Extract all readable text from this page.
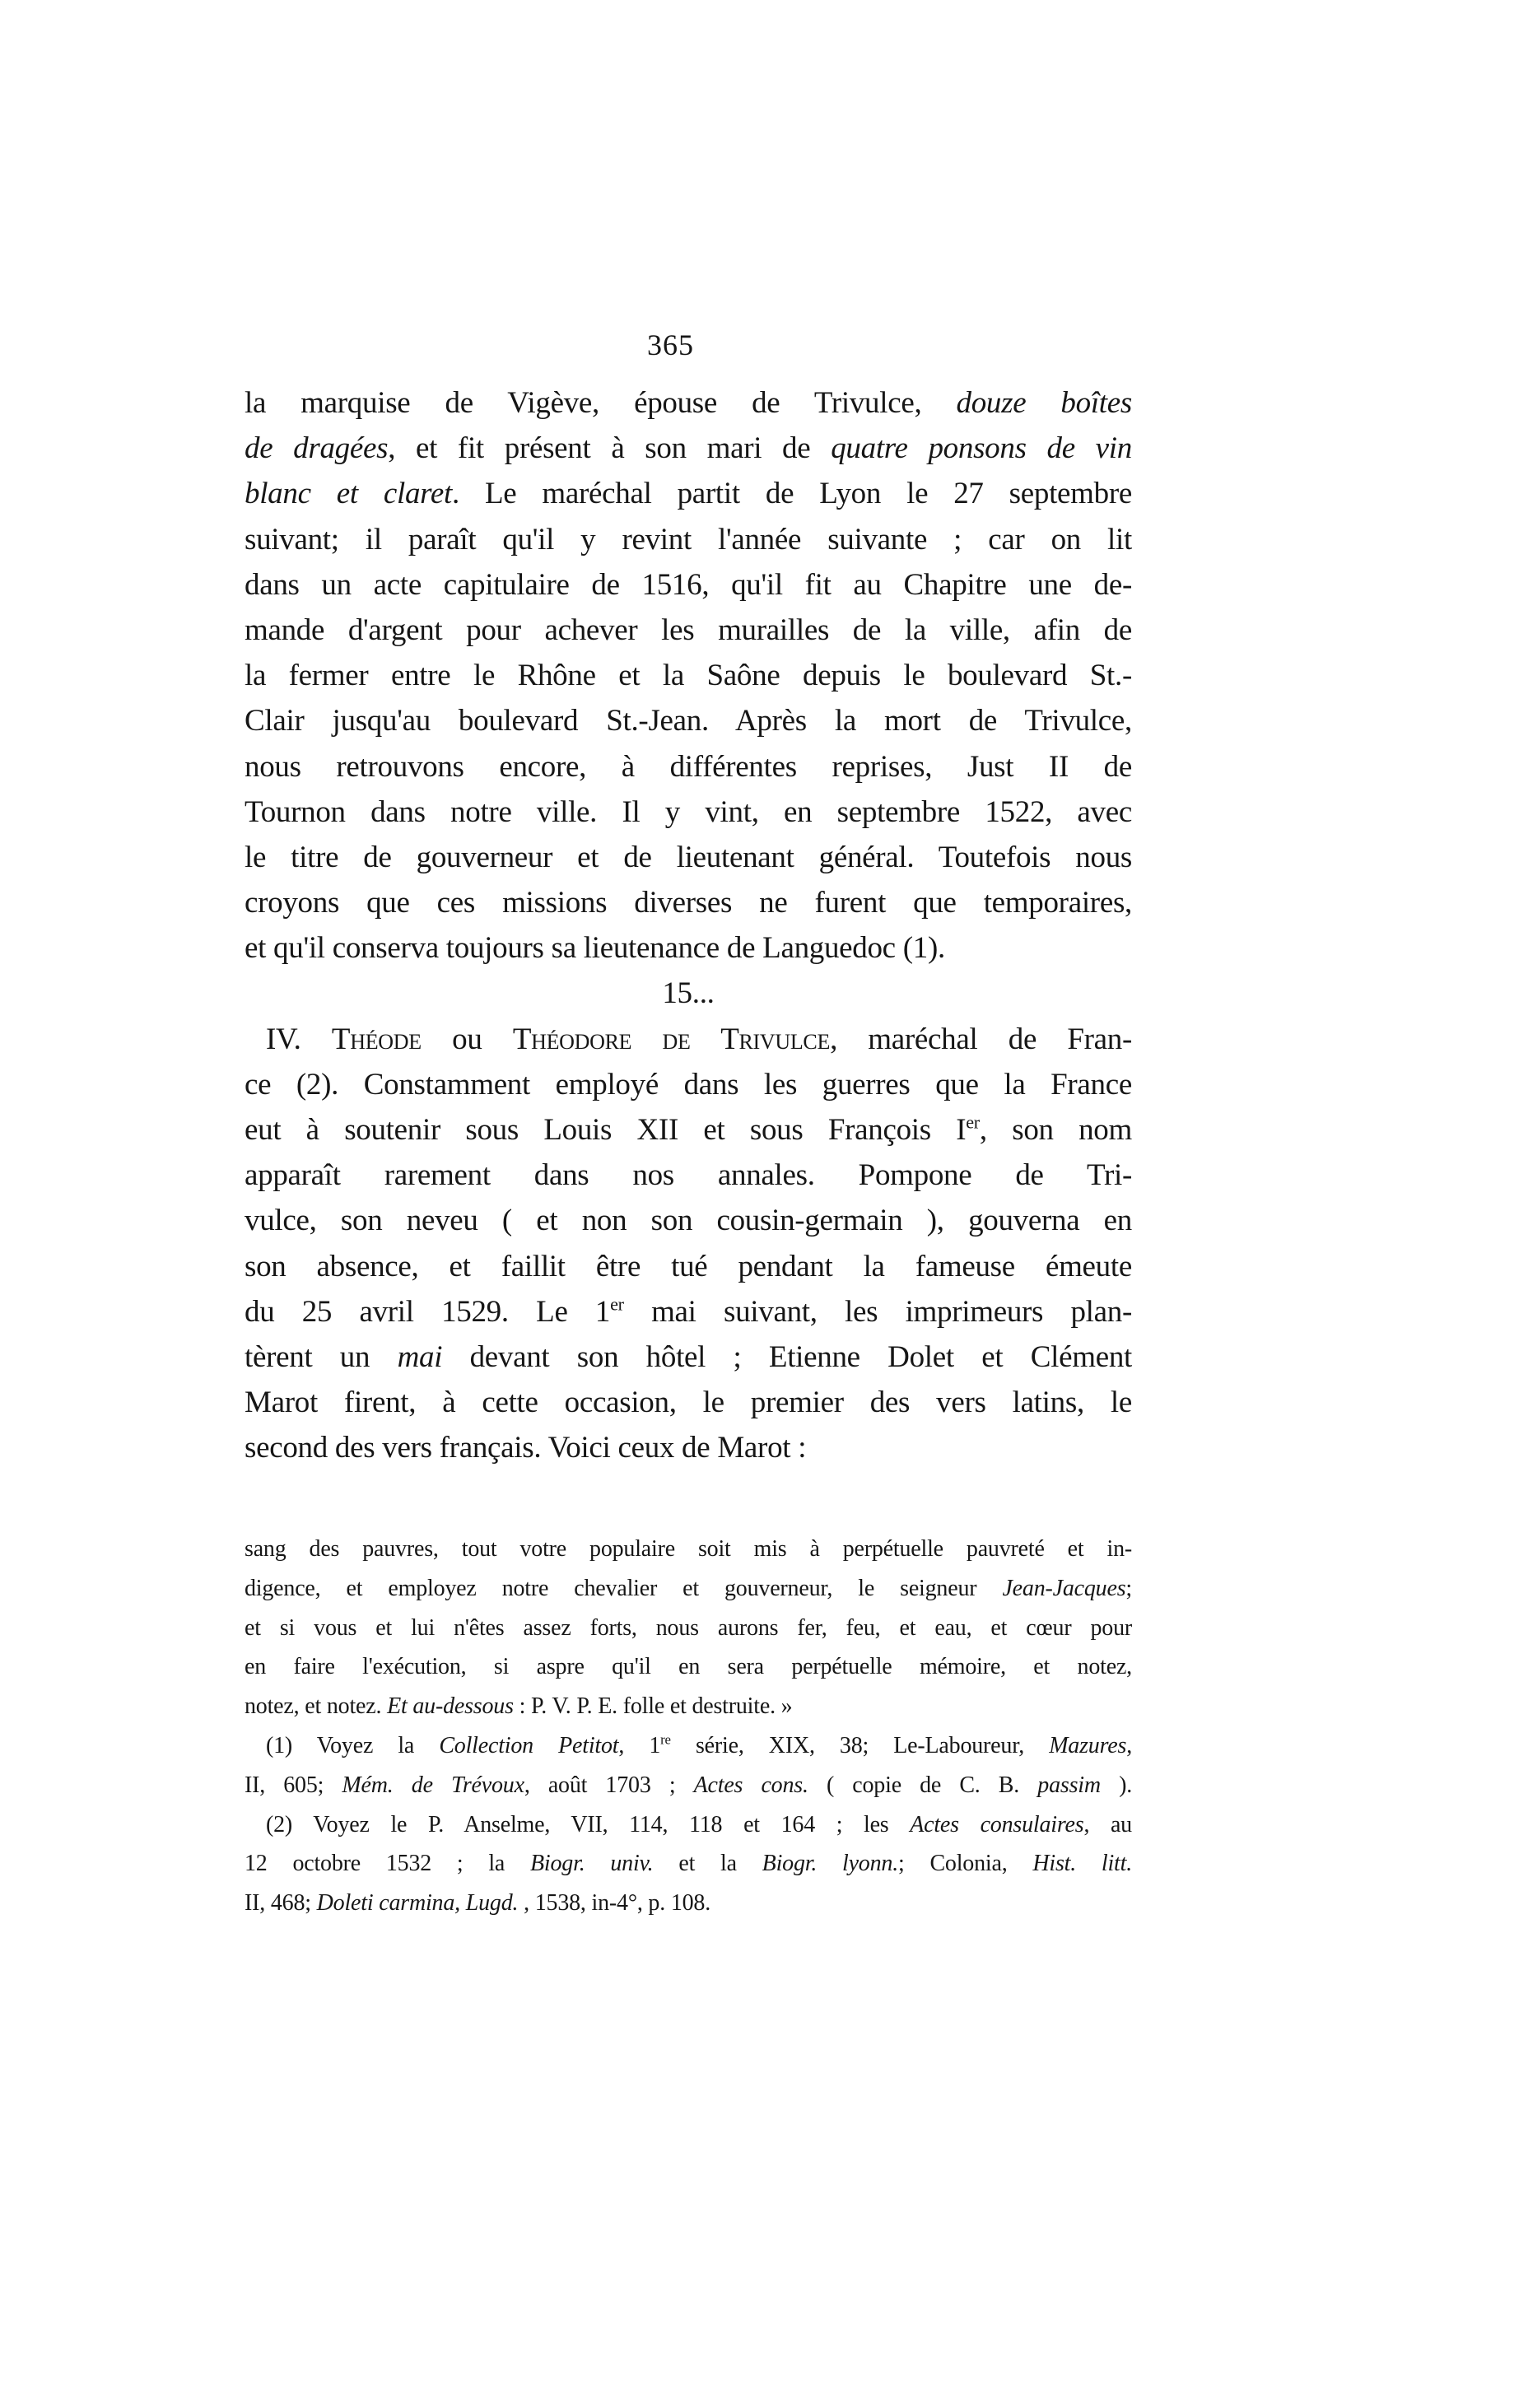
365
la marquise de Vigève, épouse de Trivulce, douze boîtes
de dragées, et fit présent à son mari de quatre ponsons de vin
blanc et claret. Le maréchal partit de Lyon le 27 septembre
suivant; il paraît qu'il y revint l'année suivante ; car on lit
dans un acte capitulaire de 1516, qu'il fit au Chapitre une de-
mande d'argent pour achever les murailles de la ville, afin de
la fermer entre le Rhône et la Saône depuis le boulevard St.-
Clair jusqu'au boulevard St.-Jean. Après la mort de Trivulce,
nous retrouvons encore, à différentes reprises, Just II de
Tournon dans notre ville. Il y vint, en septembre 1522, avec
le titre de gouverneur et de lieutenant général. Toutefois nous
croyons que ces missions diverses ne furent que temporaires,
et qu'il conserva toujours sa lieutenance de Languedoc (1).
15...
IV. Théode ou Théodore de Trivulce, maréchal de Fran-
ce (2). Constamment employé dans les guerres que la France
eut à soutenir sous Louis XII et sous François Ier, son nom
apparaît rarement dans nos annales. Pompone de Tri-
vulce, son neveu ( et non son cousin-germain ), gouverna en
son absence, et faillit être tué pendant la fameuse émeute
du 25 avril 1529. Le 1er mai suivant, les imprimeurs plan-
tèrent un mai devant son hôtel ; Etienne Dolet et Clément
Marot firent, à cette occasion, le premier des vers latins, le
second des vers français. Voici ceux de Marot :
sang des pauvres, tout votre populaire soit mis à perpétuelle pauvreté et in-
digence, et employez notre chevalier et gouverneur, le seigneur Jean-Jacques;
et si vous et lui n'êtes assez forts, nous aurons fer, feu, et eau, et cœur pour
en faire l'exécution, si aspre qu'il en sera perpétuelle mémoire, et notez,
notez, et notez. Et au-dessous : P. V. P. E. folle et destruite. »
(1) Voyez la Collection Petitot, 1re série, XIX, 38; Le-Laboureur, Mazures,
II, 605; Mém. de Trévoux, août 1703 ; Actes cons. ( copie de C. B. passim ).
(2) Voyez le P. Anselme, VII, 114, 118 et 164 ; les Actes consulaires, au
12 octobre 1532 ; la Biogr. univ. et la Biogr. lyonn.; Colonia, Hist. litt.
II, 468; Doleti carmina, Lugd. , 1538, in-4°, p. 108.
